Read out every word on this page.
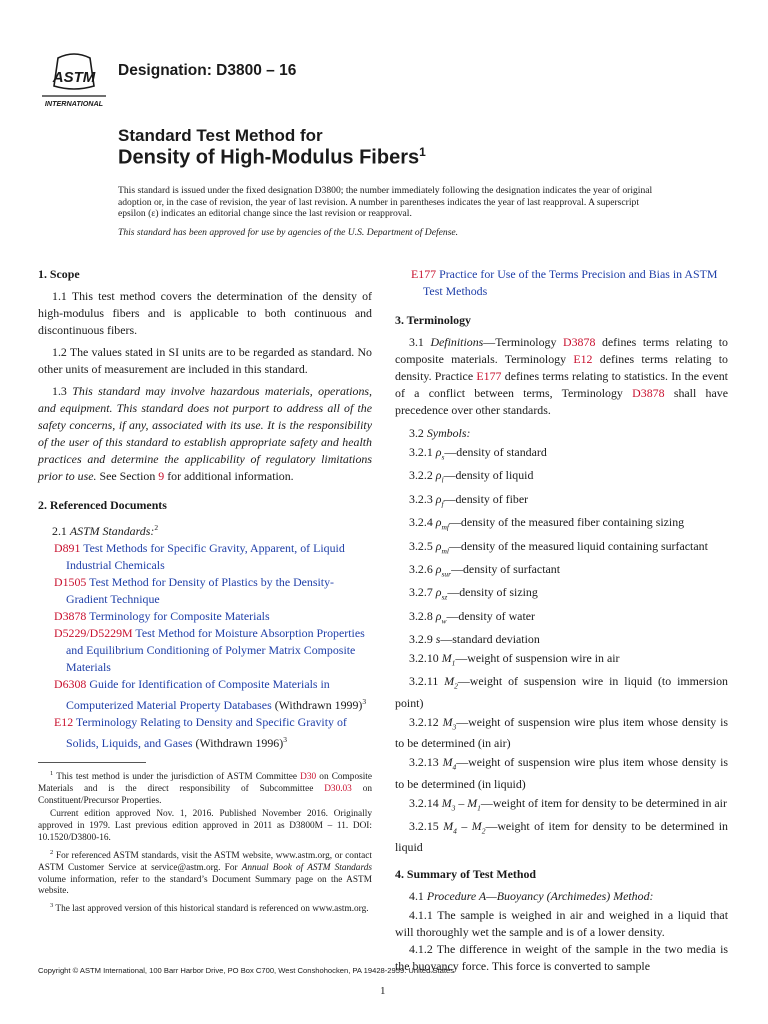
ASTM
INTERNATIONAL
Designation: D3800 – 16
Standard Test Method for
Density of High-Modulus Fibers$^1$

This standard is issued under the fixed designation D3800; the number immediately following the designation indicates the year of original adoption or, in the case of revision, the year of last revision. A number in parentheses indicates the year of last reapproval. A superscript epsilon (ε) indicates an editorial change since the last revision or reapproval.

This standard has been approved for use by agencies of the U.S. Department of Defense.

1. Scope

1.1 This test method covers the determination of the density of high-modulus fibers and is applicable to both continuous and discontinuous fibers.

1.2 The values stated in SI units are to be regarded as standard. No other units of measurement are included in this standard.

1.3 This standard may involve hazardous materials, operations, and equipment. This standard does not purport to address all of the safety concerns, if any, associated with its use. It is the responsibility of the user of this standard to establish appropriate safety and health practices and determine the applicability of regulatory limitations prior to use. See Section 9 for additional information.

2. Referenced Documents

2.1 ASTM Standards:$^2$

D891 Test Methods for Specific Gravity, Apparent, of Liquid Industrial Chemicals

D1505 Test Method for Density of Plastics by the Density-Gradient Technique

D3878 Terminology for Composite Materials

D5229/D5229M Test Method for Moisture Absorption Properties and Equilibrium Conditioning of Polymer Matrix Composite Materials

D6308 Guide for Identification of Composite Materials in Computerized Material Property Databases (Withdrawn 1999)$^3$

E12 Terminology Relating to Density and Specific Gravity of Solids, Liquids, and Gases (Withdrawn 1996)$^3$

$^1$ This test method is under the jurisdiction of ASTM Committee D30 on Composite Materials and is the direct responsibility of Subcommittee D30.03 on Constituent/Precursor Properties.

Current edition approved Nov. 1, 2016. Published November 2016. Originally approved in 1979. Last previous edition approved in 2011 as D3800M – 11. DOI: 10.1520/D3800-16.

$^2$ For referenced ASTM standards, visit the ASTM website, www.astm.org, or contact ASTM Customer Service at service@astm.org. For Annual Book of ASTM Standards volume information, refer to the standard’s Document Summary page on the ASTM website.

$^3$ The last approved version of this historical standard is referenced on www.astm.org.

E177 Practice for Use of the Terms Precision and Bias in ASTM Test Methods

3. Terminology

3.1 Definitions—Terminology D3878 defines terms relating to composite materials. Terminology E12 defines terms relating to density. Practice E177 defines terms relating to statistics. In the event of a conflict between terms, Terminology D3878 shall have precedence over other standards.

3.2 Symbols:

3.2.1 $\rho_s—density$ of standard

3.2.2 $\rho_l—density$ of liquid

3.2.3 $\rho_f—density$ of fiber

3.2.4 $\rho_{mf}—density$ of the measured fiber containing sizing

3.2.5 $\rho_{ml}—density$ of the measured liquid containing surfactant

3.2.6 $\rho_{sur}—density$ of surfactant

3.2.7 $\rho_{sz}—density$ of sizing

3.2.8 $\rho_w—density$ of water

3.2.9 s—standard deviation

3.2.10 $M_1—weight$ of suspension wire in air

3.2.11 $M_2—weight$ of suspension wire in liquid (to immersion point)

3.2.12 $M_3—weight$ of suspension wire plus item whose density is to be determined (in air)

3.2.13 $M_4—weight$ of suspension wire plus item whose density is to be determined (in liquid)

3.2.14 $M_3$ – $M_1—weight$ of item for density to be determined in air

3.2.15 $M_4$ – $M_2—weight$ of item for density to be determined in liquid

4. Summary of Test Method

4.1 Procedure A—Buoyancy (Archimedes) Method:

4.1.1 The sample is weighed in air and weighed in a liquid that will thoroughly wet the sample and is of a lower density.

4.1.2 The difference in weight of the sample in the two media is the buoyancy force. This force is converted to sample

Copyright © ASTM International, 100 Barr Harbor Drive, PO Box C700, West Conshohocken, PA 19428-2959. United States
1
